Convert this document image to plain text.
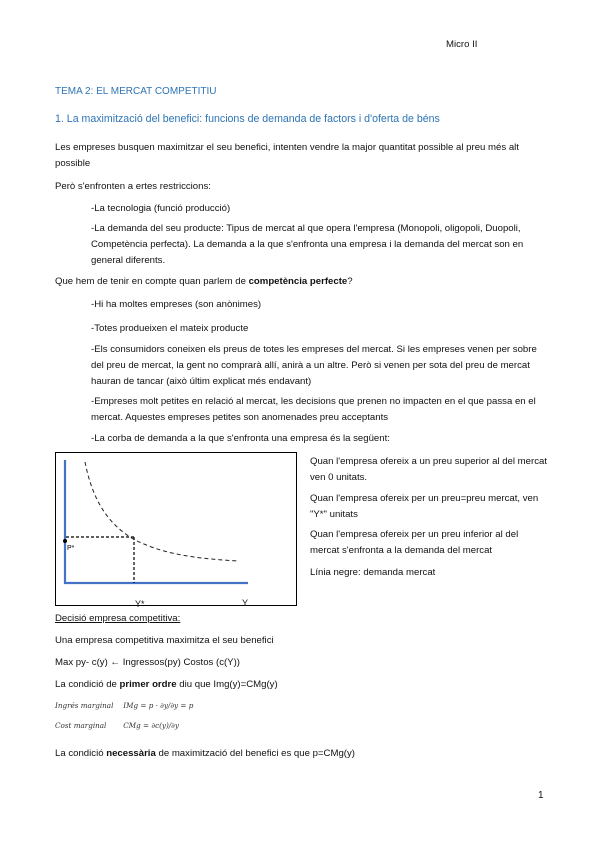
Micro II
TEMA 2: EL MERCAT COMPETITIU
1. La maximització del benefici: funcions de demanda de factors i d'oferta de béns

Les empreses busquen maximitzar el seu benefici, intenten vendre la major quantitat possible al preu més alt possible

Però s'enfronten a ertes restriccions:

-La tecnologia (funció producció)

-La demanda del seu producte: Tipus de mercat al que opera l'empresa (Monopoli, oligopoli, Duopoli, Competència perfecta). La demanda a la que s'enfronta una empresa i la demanda del mercat son en general diferents.

Que hem de tenir en compte quan parlem de competència perfecte?

-Hi ha moltes empreses (son anònimes)

-Totes produeixen el mateix producte

-Els consumidors coneixen els preus de totes les empreses del mercat. Si les empreses venen per sobre del preu de mercat, la gent no comprarà allí, anirà a un altre. Però si venen per sota del preu de mercat hauran de tancar (això últim explicat més endavant)

-Empreses molt petites en relació al mercat, les decisions que prenen no impacten en el que passa en el mercat. Aquestes empreses petites son anomenades preu acceptants

-La corba de demanda a la que s'enfronta una empresa és la següent:

P*
Y*	Y

Quan l'empresa ofereix a un preu superior al del mercat ven 0 unitats.

Quan l'empresa ofereix per un preu=preu mercat, ven "Y*" unitats

Quan l'empresa ofereix per un preu inferior al del mercat s'enfronta a la demanda del mercat

Línia negre: demanda mercat

Decisió empresa competitiva:

Una empresa competitiva maximitza el seu benefici

Max py- c(y) ← Ingressos(py) Costos (c(Y))

La condició de primer ordre diu que Img(y)=CMg(y)

Ingrés marginal IMg = p · ∂y/∂y = p
Cost marginal CMg = ∂c(y)/∂y

La condició necessària de maximització del benefici es que p=CMg(y)

1
